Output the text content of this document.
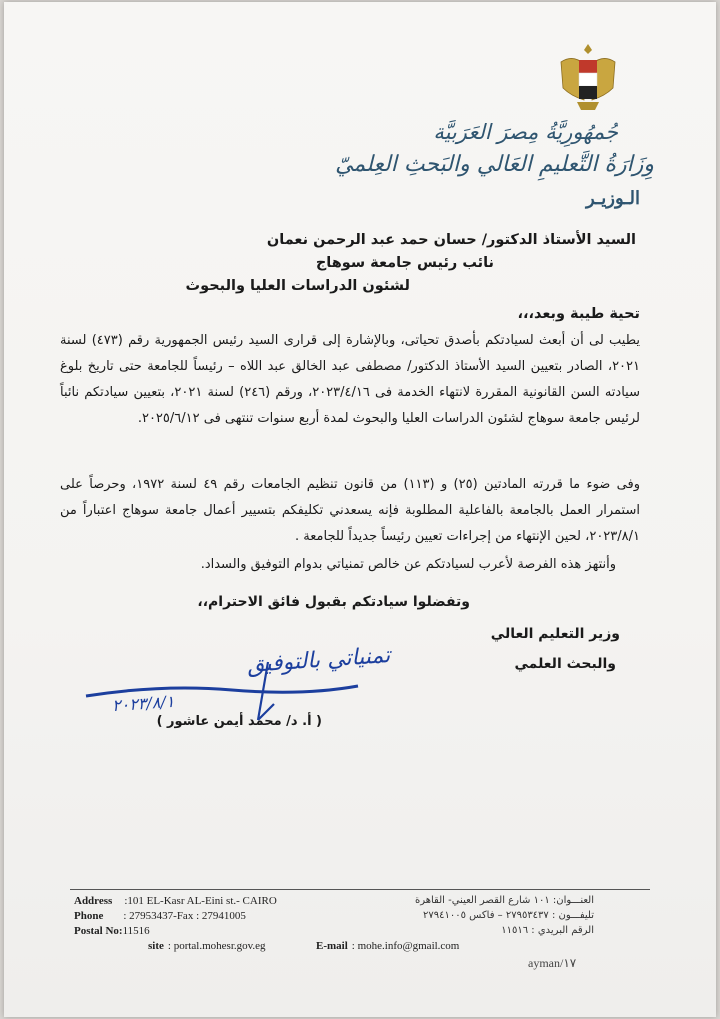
جُمهُورِيَّةُ مِصرَ العَرَبيَّة
وِزَارَةُ التَّعليمِ العَالي والبَحثِ العِلميّ
الـوزيـر
السيد الأستاذ الدكتور/ حسان حمد عبد الرحمن نعمان
نائب رئيس جامعة سوهاج
لشئون الدراسات العليا والبحوث
تحية طيبة وبعد،،،

يطيب لى أن أبعث لسيادتكم بأصدق تحياتى، وبالإشارة إلى قرارى السيد رئيس الجمهورية رقم (٤٧٣) لسنة ٢٠٢١، الصادر بتعيين السيد الأستاذ الدكتور/ مصطفى عبد الخالق عبد اللاه – رئيساً للجامعة حتى تاريخ بلوغ سيادته السن القانونية المقررة لانتهاء الخدمة فى ٢٠٢٣/٤/١٦، ورقم (٢٤٦) لسنة ٢٠٢١، بتعيين سيادتكم نائباً لرئيس جامعة سوهاج لشئون الدراسات العليا والبحوث لمدة أربع سنوات تنتهى فى ٢٠٢٥/٦/١٢.

وفى ضوء ما قررته المادتين (٢٥) و (١١٣) من قانون تنظيم الجامعات رقم ٤٩ لسنة ١٩٧٢، وحرصاً على استمرار العمل بالجامعة بالفاعلية المطلوبة فإنه يسعدني تكليفكم بتسيير أعمال جامعة سوهاج اعتباراً من ٢٠٢٣/٨/١، لحين الإنتهاء من إجراءات تعيين رئيساً جديداً للجامعة .

وأنتهز هذه الفرصة لأعرب لسيادتكم عن خالص تمنياتي بدوام التوفيق والسداد.
وتفضلوا سيادتكم بقبول فائق الاحترام،،
وزير التعليم العالي
والبحث العلمي
تمنياتي بالتوفيق
٢٠٢٣/٨/١
( أ. د/ محمد أيمن عاشور )
Address :101 EL-Kasr AL-Eini st.- CAIRO
Phone : 27953437-Fax : 27941005
Postal No:11516
site : portal.mohesr.gov.eg	E-mail : mohe.info@gmail.com
العنـــوان: ١٠١ شارع القصر العيني- القاهرة
تليفـــون : ٢٧٩٥٣٤٣٧ – فاكس ٢٧٩٤١٠٠٥
الرقم البريدي : ١١٥١٦
ayman/١٧
